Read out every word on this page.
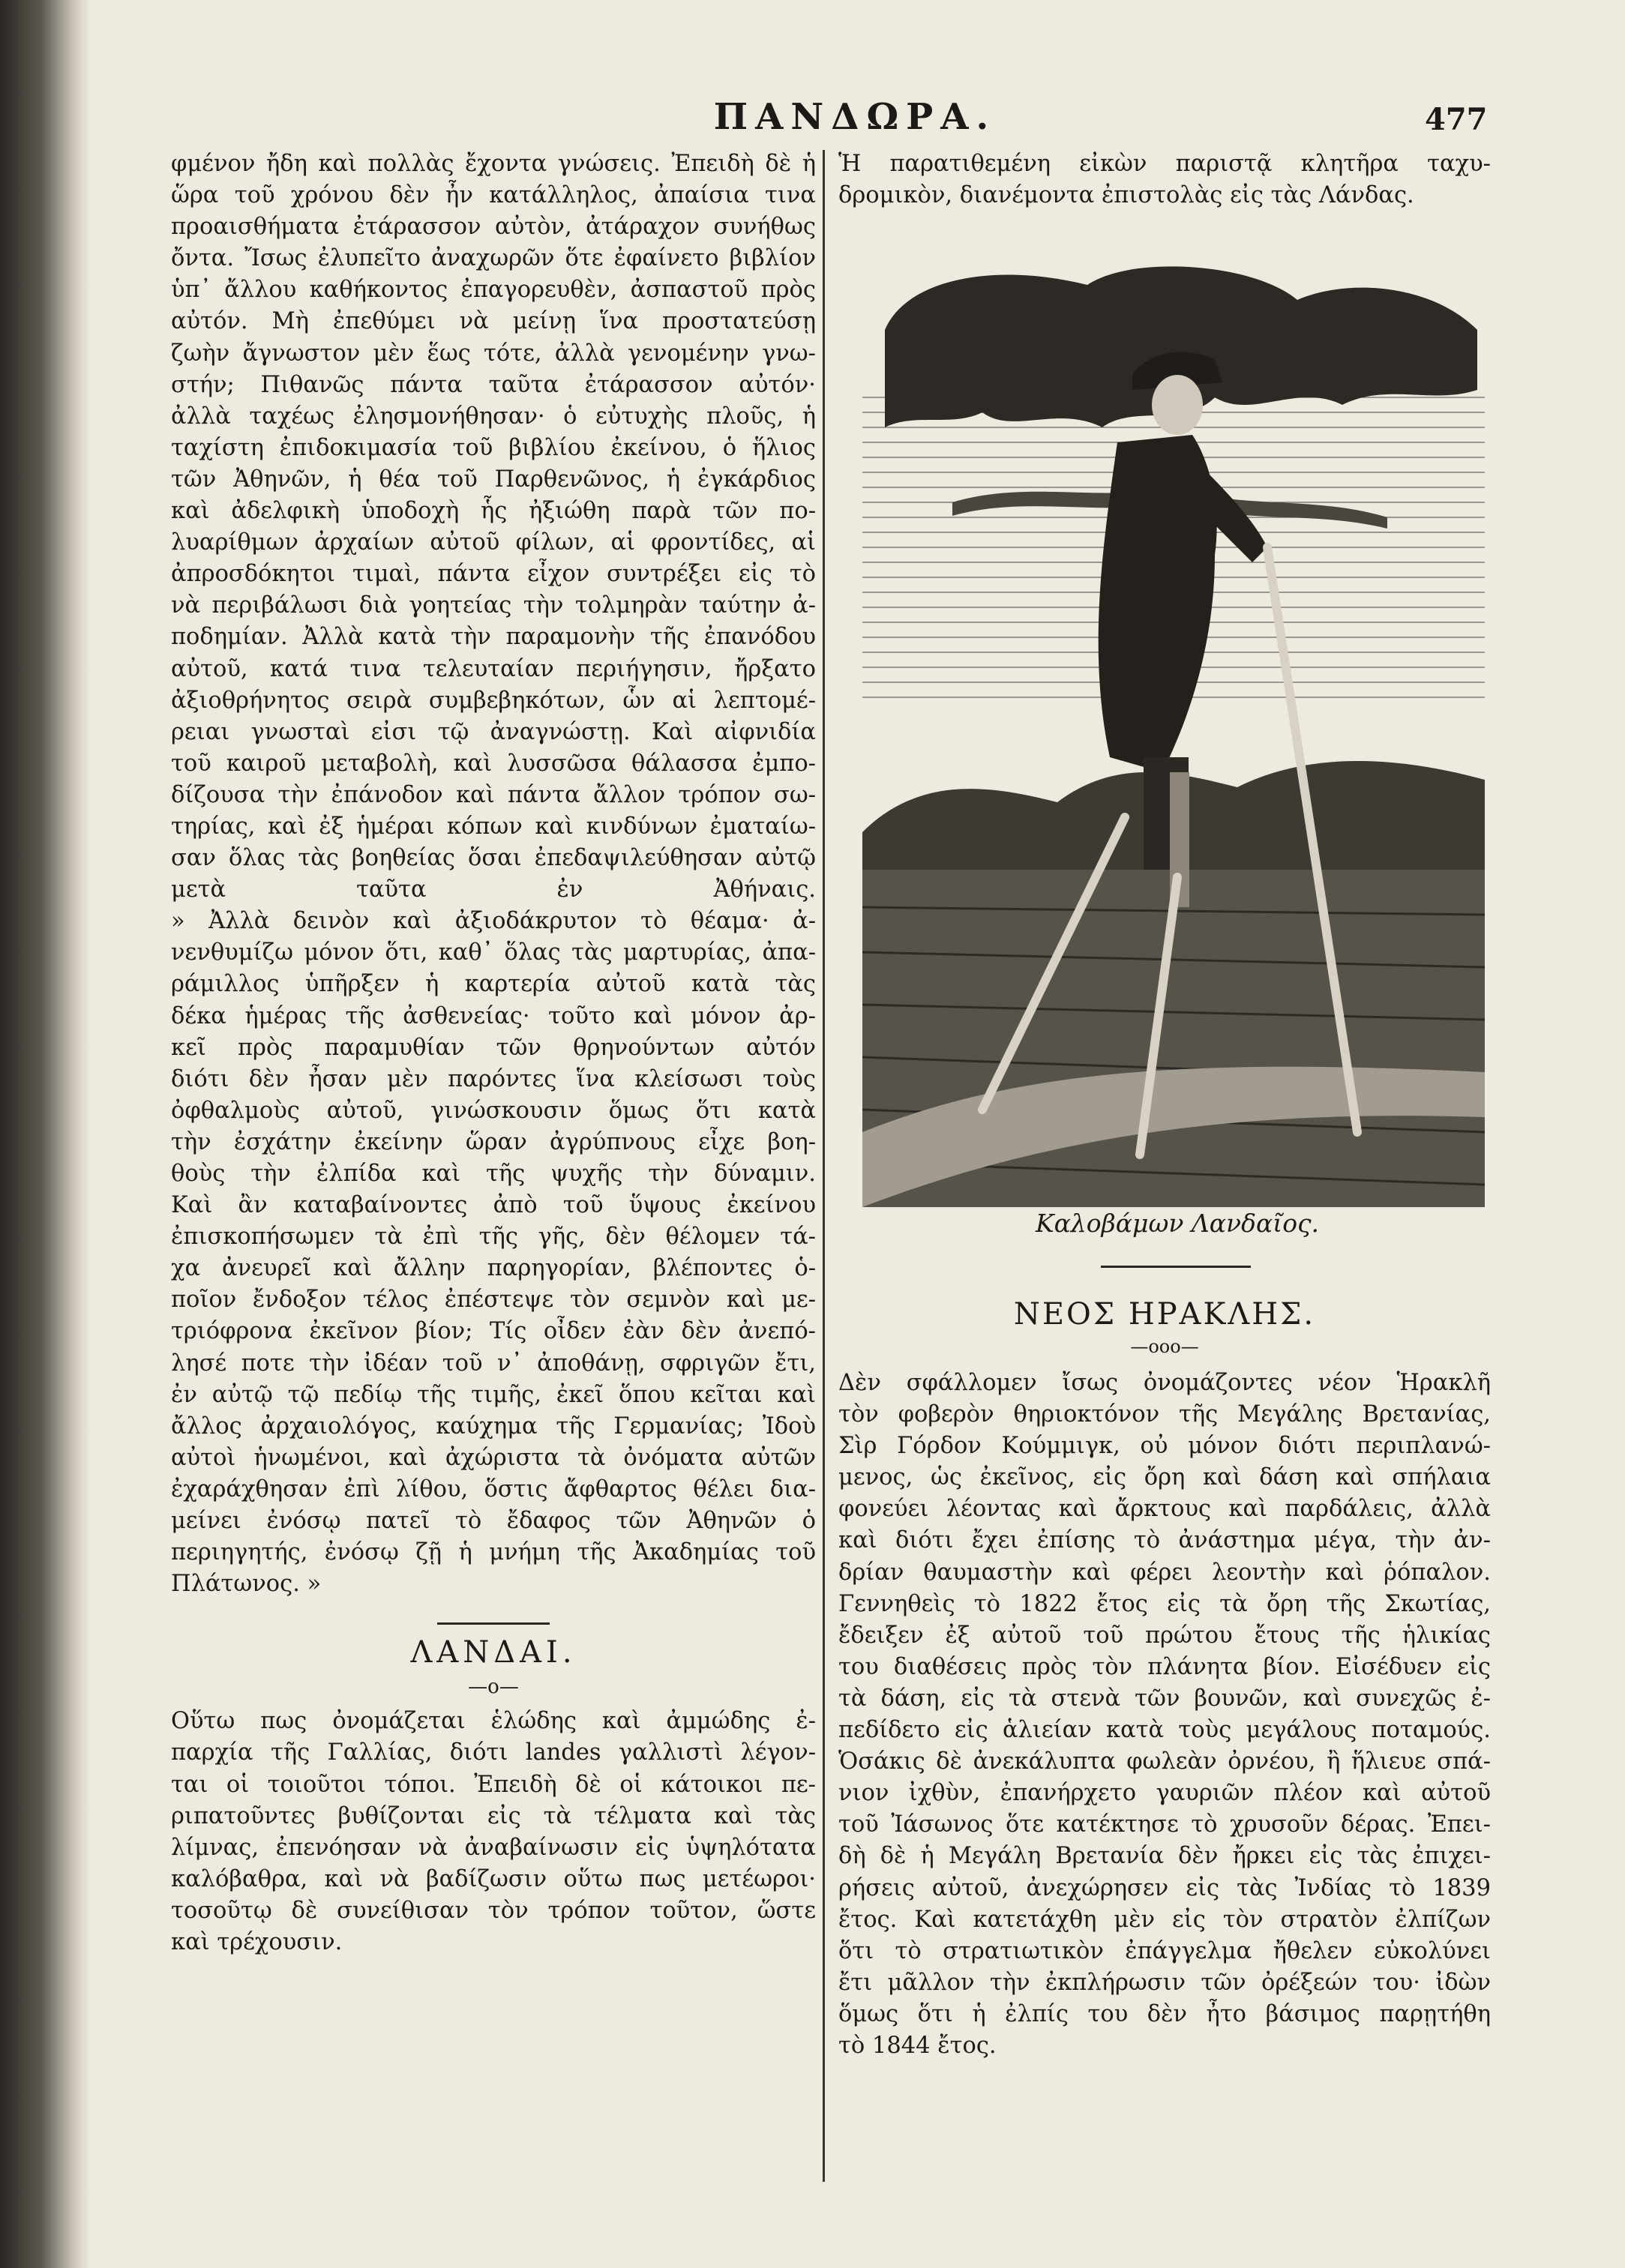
ΠΑΝΔΩΡΑ.	477
φμένον ἤδη καὶ πολλὰς ἔχοντα γνώσεις. Ἐπειδὴ δὲ ἡ
ὥρα τοῦ χρόνου δὲν ἦν κατάλληλος, ἀπαίσια τινα
προαισθήματα ἐτάρασσον αὐτὸν, ἀτάραχον συνήθως
ὄντα. Ἴσως ἐλυπεῖτο ἀναχωρῶν ὅτε ἐφαίνετο βιβλίον
ὑπ᾽ ἄλλου καθήκοντος ἐπαγορευθὲν, ἀσπαστοῦ πρὸς
αὐτόν. Μὴ ἐπεθύμει νὰ μείνῃ ἵνα προστατεύσῃ
ζωὴν ἄγνωστον μὲν ἕως τότε, ἀλλὰ γενομένην γνω-
στήν; Πιθανῶς πάντα ταῦτα ἐτάρασσον αὐτόν·
ἀλλὰ ταχέως ἐλησμονήθησαν· ὁ εὐτυχὴς πλοῦς, ἡ
ταχίστη ἐπιδοκιμασία τοῦ βιβλίου ἐκείνου, ὁ ἥλιος
τῶν Ἀθηνῶν, ἡ θέα τοῦ Παρθενῶνος, ἡ ἐγκάρδιος
καὶ ἀδελφικὴ ὑποδοχὴ ἧς ἠξιώθη παρὰ τῶν πο-
λυαρίθμων ἀρχαίων αὐτοῦ φίλων, αἱ φροντίδες, αἱ
ἀπροσδόκητοι τιμαὶ, πάντα εἶχον συντρέξει εἰς τὸ
νὰ περιβάλωσι διὰ γοητείας τὴν τολμηρὰν ταύτην ἀ-
ποδημίαν. Ἀλλὰ κατὰ τὴν παραμονὴν τῆς ἐπανόδου
αὐτοῦ, κατά τινα τελευταίαν περιήγησιν, ἤρξατο
ἀξιοθρήνητος σειρὰ συμβεβηκότων, ὧν αἱ λεπτομέ-
ρειαι γνωσταὶ εἰσι τῷ ἀναγνώστῃ. Καὶ αἰφνιδία
τοῦ καιροῦ μεταβολὴ, καὶ λυσσῶσα θάλασσα ἐμπο-
δίζουσα τὴν ἐπάνοδον καὶ πάντα ἄλλον τρόπον σω-
τηρίας, καὶ ἐξ ἡμέραι κόπων καὶ κινδύνων ἐματαίω-
σαν ὅλας τὰς βοηθείας ὅσαι ἐπεδαψιλεύθησαν αὐτῷ
μετὰ ταῦτα ἐν Ἀθήναις.
» Ἀλλὰ δεινὸν καὶ ἀξιοδάκρυτον τὸ θέαμα· ἀ-
νενθυμίζω μόνον ὅτι, καθ᾽ ὅλας τὰς μαρτυρίας, ἀπα-
ράμιλλος ὑπῆρξεν ἡ καρτερία αὐτοῦ κατὰ τὰς
δέκα ἡμέρας τῆς ἀσθενείας· τοῦτο καὶ μόνον ἀρ-
κεῖ πρὸς παραμυθίαν τῶν θρηνούντων αὐτόν
διότι δὲν ἦσαν μὲν παρόντες ἵνα κλείσωσι τοὺς
ὀφθαλμοὺς αὐτοῦ, γινώσκουσιν ὅμως ὅτι κατὰ
τὴν ἐσχάτην ἐκείνην ὥραν ἀγρύπνους εἶχε βοη-
θοὺς τὴν ἐλπίδα καὶ τῆς ψυχῆς τὴν δύναμιν.
Καὶ ἂν καταβαίνοντες ἀπὸ τοῦ ὕψους ἐκείνου
ἐπισκοπήσωμεν τὰ ἐπὶ τῆς γῆς, δὲν θέλομεν τά-
χα ἀνευρεῖ καὶ ἄλλην παρηγορίαν, βλέποντες ὁ-
ποῖον ἔνδοξον τέλος ἐπέστεψε τὸν σεμνὸν καὶ με-
τριόφρονα ἐκεῖνον βίον; Τίς οἶδεν ἐὰν δὲν ἀνεπό-
λησέ ποτε τὴν ἰδέαν τοῦ ν᾽ ἀποθάνῃ, σφριγῶν ἔτι,
ἐν αὐτῷ τῷ πεδίῳ τῆς τιμῆς, ἐκεῖ ὅπου κεῖται καὶ
ἄλλος ἀρχαιολόγος, καύχημα τῆς Γερμανίας; Ἰδοὺ
αὐτοὶ ἡνωμένοι, καὶ ἀχώριστα τὰ ὀνόματα αὐτῶν
ἐχαράχθησαν ἐπὶ λίθου, ὅστις ἄφθαρτος θέλει δια-
μείνει ἐνόσῳ πατεῖ τὸ ἔδαφος τῶν Ἀθηνῶν ὁ
περιηγητής, ἐνόσῳ ζῇ ἡ μνήμη τῆς Ἀκαδημίας τοῦ
Πλάτωνος. »
ΛΑΝΔΑΙ.
—o—
Οὕτω πως ὀνομάζεται ἑλώδης καὶ ἀμμώδης ἐ-
παρχία τῆς Γαλλίας, διότι landes γαλλιστὶ λέγον-
ται οἱ τοιοῦτοι τόποι. Ἐπειδὴ δὲ οἱ κάτοικοι πε-
ριπατοῦντες βυθίζονται εἰς τὰ τέλματα καὶ τὰς
λίμνας, ἐπενόησαν νὰ ἀναβαίνωσιν εἰς ὑψηλότατα
καλόβαθρα, καὶ νὰ βαδίζωσιν οὕτω πως μετέωροι·
τοσοῦτῳ δὲ συνείθισαν τὸν τρόπον τοῦτον, ὥστε
καὶ τρέχουσιν.
Ἡ παρατιθεμένη εἰκὼν παριστᾷ κλητῆρα ταχυ-
δρομικὸν, διανέμοντα ἐπιστολὰς εἰς τὰς Λάνδας.
Καλοβάμων Λανδαῖος.
ΝΕΟΣ ΗΡΑΚΛΗΣ.
—οοο—
Δὲν σφάλλομεν ἴσως ὀνομάζοντες νέον Ἡρακλῆ
τὸν φοβερὸν θηριοκτόνον τῆς Μεγάλης Βρετανίας,
Σὶρ Γόρδον Κούμμιγκ, οὐ μόνον διότι περιπλανώ-
μενος, ὡς ἐκεῖνος, εἰς ὄρη καὶ δάση καὶ σπήλαια
φονεύει λέοντας καὶ ἄρκτους καὶ παρδάλεις, ἀλλὰ
καὶ διότι ἔχει ἐπίσης τὸ ἀνάστημα μέγα, τὴν ἀν-
δρίαν θαυμαστὴν καὶ φέρει λεοντὴν καὶ ῥόπαλον.
Γεννηθεὶς τὸ 1822 ἔτος εἰς τὰ ὄρη τῆς Σκωτίας,
ἔδειξεν ἐξ αὐτοῦ τοῦ πρώτου ἔτους τῆς ἡλικίας
του διαθέσεις πρὸς τὸν πλάνητα βίον. Εἰσέδυεν εἰς
τὰ δάση, εἰς τὰ στενὰ τῶν βουνῶν, καὶ συνεχῶς ἐ-
πεδίδετο εἰς ἁλιείαν κατὰ τοὺς μεγάλους ποταμούς.
Ὁσάκις δὲ ἀνεκάλυπτα φωλεὰν ὀρνέου, ἢ ἥλιευε σπά-
νιον ἰχθὺν, ἐπανήρχετο γαυριῶν πλέον καὶ αὐτοῦ
τοῦ Ἰάσωνος ὅτε κατέκτησε τὸ χρυσοῦν δέρας. Ἐπει-
δὴ δὲ ἡ Μεγάλη Βρετανία δὲν ἤρκει εἰς τὰς ἐπιχει-
ρήσεις αὐτοῦ, ἀνεχώρησεν εἰς τὰς Ἰνδίας τὸ 1839
ἔτος. Καὶ κατετάχθη μὲν εἰς τὸν στρατὸν ἐλπίζων
ὅτι τὸ στρατιωτικὸν ἐπάγγελμα ἤθελεν εὐκολύνει
ἔτι μᾶλλον τὴν ἐκπλήρωσιν τῶν ὀρέξεών του· ἰδὼν
ὅμως ὅτι ἡ ἐλπίς του δὲν ἦτο βάσιμος παρῃτήθη
τὸ 1844 ἔτος.
